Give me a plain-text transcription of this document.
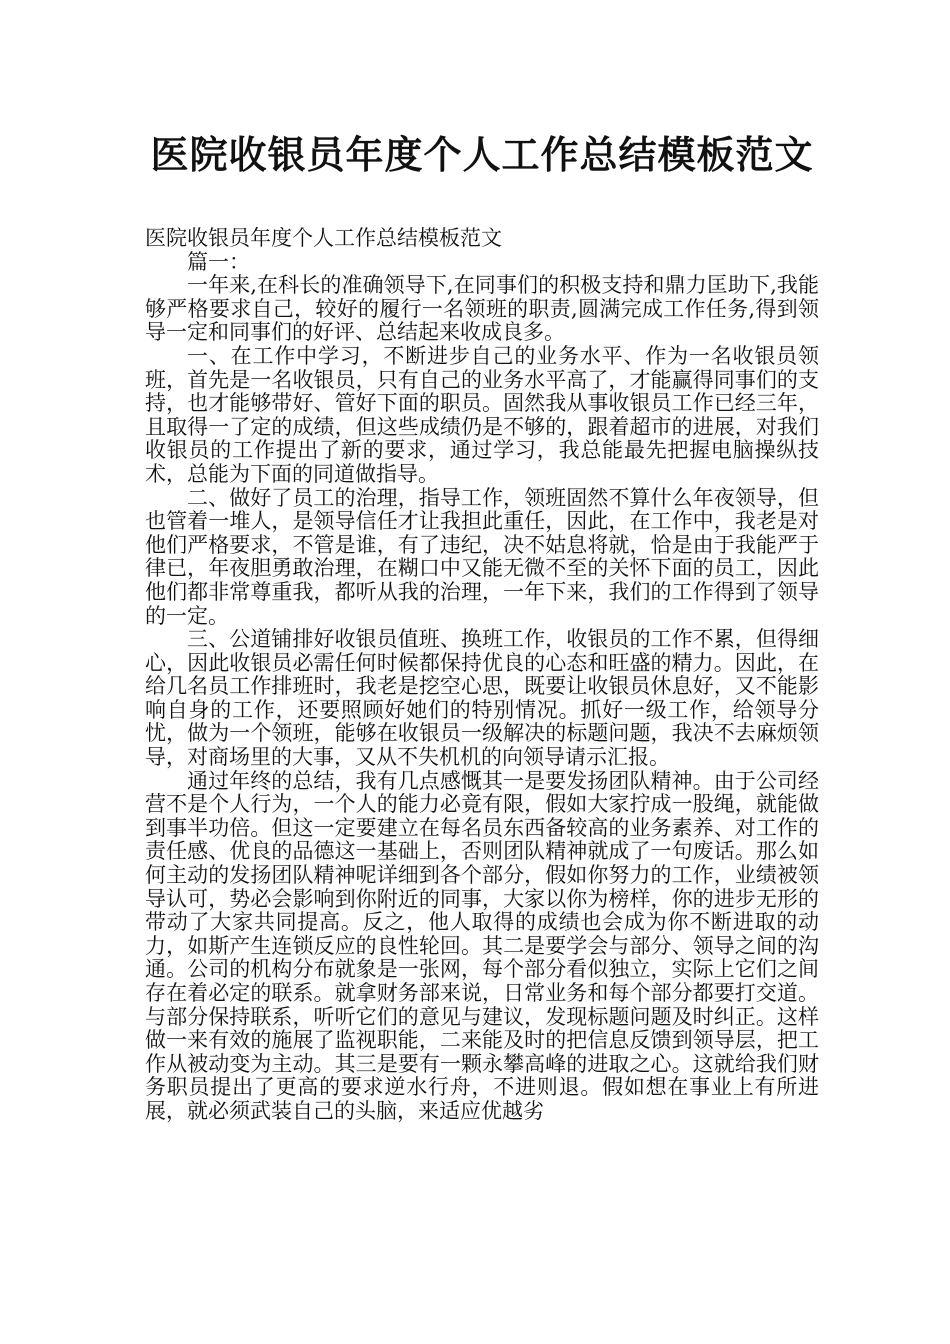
医院收银员年度个人工作总结模板范文

医院收银员年度个人工作总结模板范文

篇一：

一年来,在科长的准确领导下,在同事们的积极支持和鼎力匡助下,我能够严格要求自己，较好的履行一名领班的职责,圆满完成工作任务,得到领导一定和同事们的好评、总结起来收成良多。

一、在工作中学习，不断进步自己的业务水平、作为一名收银员领班，首先是一名收银员，只有自己的业务水平高了，才能赢得同事们的支持，也才能够带好、管好下面的职员。固然我从事收银员工作已经三年，且取得一了定的成绩，但这些成绩仍是不够的，跟着超市的进展，对我们收银员的工作提出了新的要求，通过学习，我总能最先把握电脑操纵技术，总能为下面的同道做指导。

二、做好了员工的治理，指导工作，领班固然不算什么年夜领导，但也管着一堆人，是领导信任才让我担此重任，因此，在工作中，我老是对他们严格要求，不管是谁，有了违纪，决不姑息将就，恰是由于我能严于律已，年夜胆勇敢治理，在糊口中又能无微不至的关怀下面的员工，因此他们都非常尊重我，都听从我的治理，一年下来，我们的工作得到了领导的一定。

三、公道铺排好收银员值班、换班工作，收银员的工作不累，但得细心，因此收银员必需任何时候都保持优良的心态和旺盛的精力。因此，在给几名员工作排班时，我老是挖空心思，既要让收银员休息好，又不能影响自身的工作，还要照顾好她们的特别情况。抓好一级工作，给领导分忧，做为一个领班，能够在收银员一级解决的标题问题，我决不去麻烦领导，对商场里的大事，又从不失机机的向领导请示汇报。

通过年终的总结，我有几点感慨其一是要发扬团队精神。由于公司经营不是个人行为，一个人的能力必竟有限，假如大家拧成一股绳，就能做到事半功倍。但这一定要建立在每名员东西备较高的业务素养、对工作的责任感、优良的品德这一基础上，否则团队精神就成了一句废话。那么如何主动的发扬团队精神呢详细到各个部分，假如你努力的工作，业绩被领导认可，势必会影响到你附近的同事，大家以你为榜样，你的进步无形的带动了大家共同提高。反之，他人取得的成绩也会成为你不断进取的动力，如斯产生连锁反应的良性轮回。其二是要学会与部分、领导之间的沟通。公司的机构分布就象是一张网，每个部分看似独立，实际上它们之间存在着必定的联系。就拿财务部来说，日常业务和每个部分都要打交道。与部分保持联系，听听它们的意见与建议，发现标题问题及时纠正。这样做一来有效的施展了监视职能，二来能及时的把信息反馈到领导层，把工作从被动变为主动。其三是要有一颗永攀高峰的进取之心。这就给我们财务职员提出了更高的要求逆水行舟，不进则退。假如想在事业上有所进展，就必须武装自己的头脑，来适应优越劣
